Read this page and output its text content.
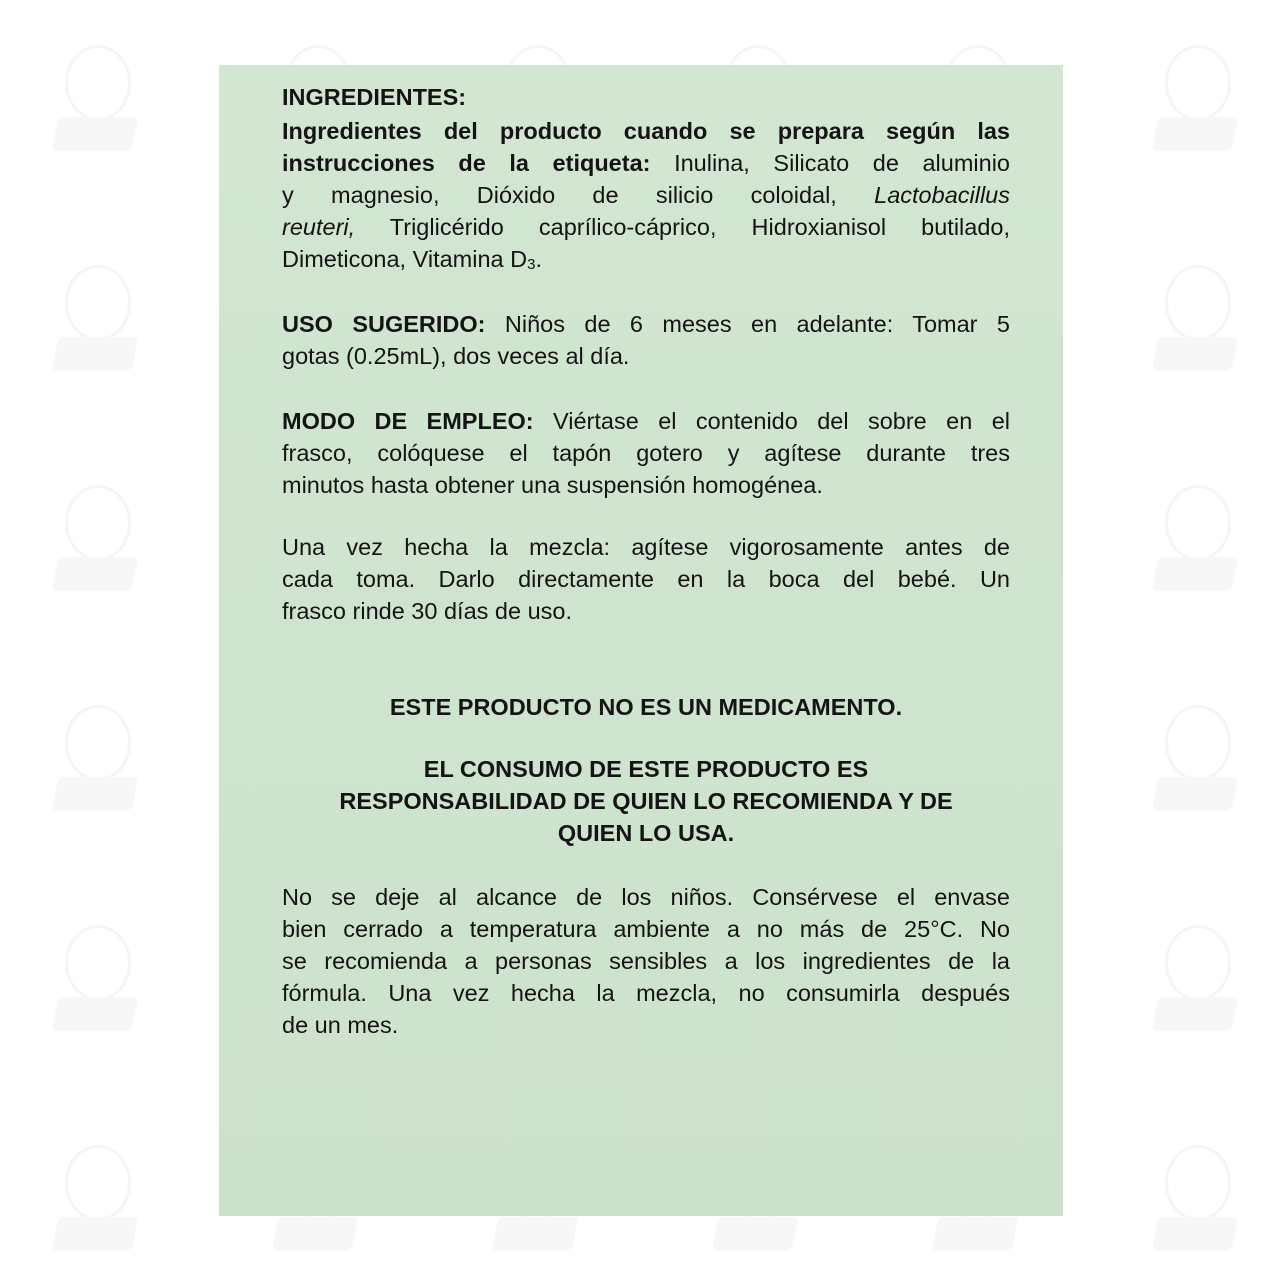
INGREDIENTES:
Ingredientes del producto cuando se prepara según las
instrucciones de la etiqueta: Inulina, Silicato de aluminio
y magnesio, Dióxido de silicio coloidal, Lactobacillus
reuteri, Triglicérido caprílico-cáprico, Hidroxianisol butilado,
Dimeticona, Vitamina $D_3$.
USO SUGERIDO: Niños de 6 meses en adelante: Tomar 5
gotas (0.25mL), dos veces al día.
MODO DE EMPLEO: Viértase el contenido del sobre en el
frasco, colóquese el tapón gotero y agítese durante tres
minutos hasta obtener una suspensión homogénea.
Una vez hecha la mezcla: agítese vigorosamente antes de
cada toma. Darlo directamente en la boca del bebé. Un
frasco rinde 30 días de uso.
ESTE PRODUCTO NO ES UN MEDICAMENTO.
EL CONSUMO DE ESTE PRODUCTO ES
RESPONSABILIDAD DE QUIEN LO RECOMIENDA Y DE
QUIEN LO USA.
No se deje al alcance de los niños. Consérvese el envase
bien cerrado a temperatura ambiente a no más de 25°C. No
se recomienda a personas sensibles a los ingredientes de la
fórmula. Una vez hecha la mezcla, no consumirla después
de un mes.
